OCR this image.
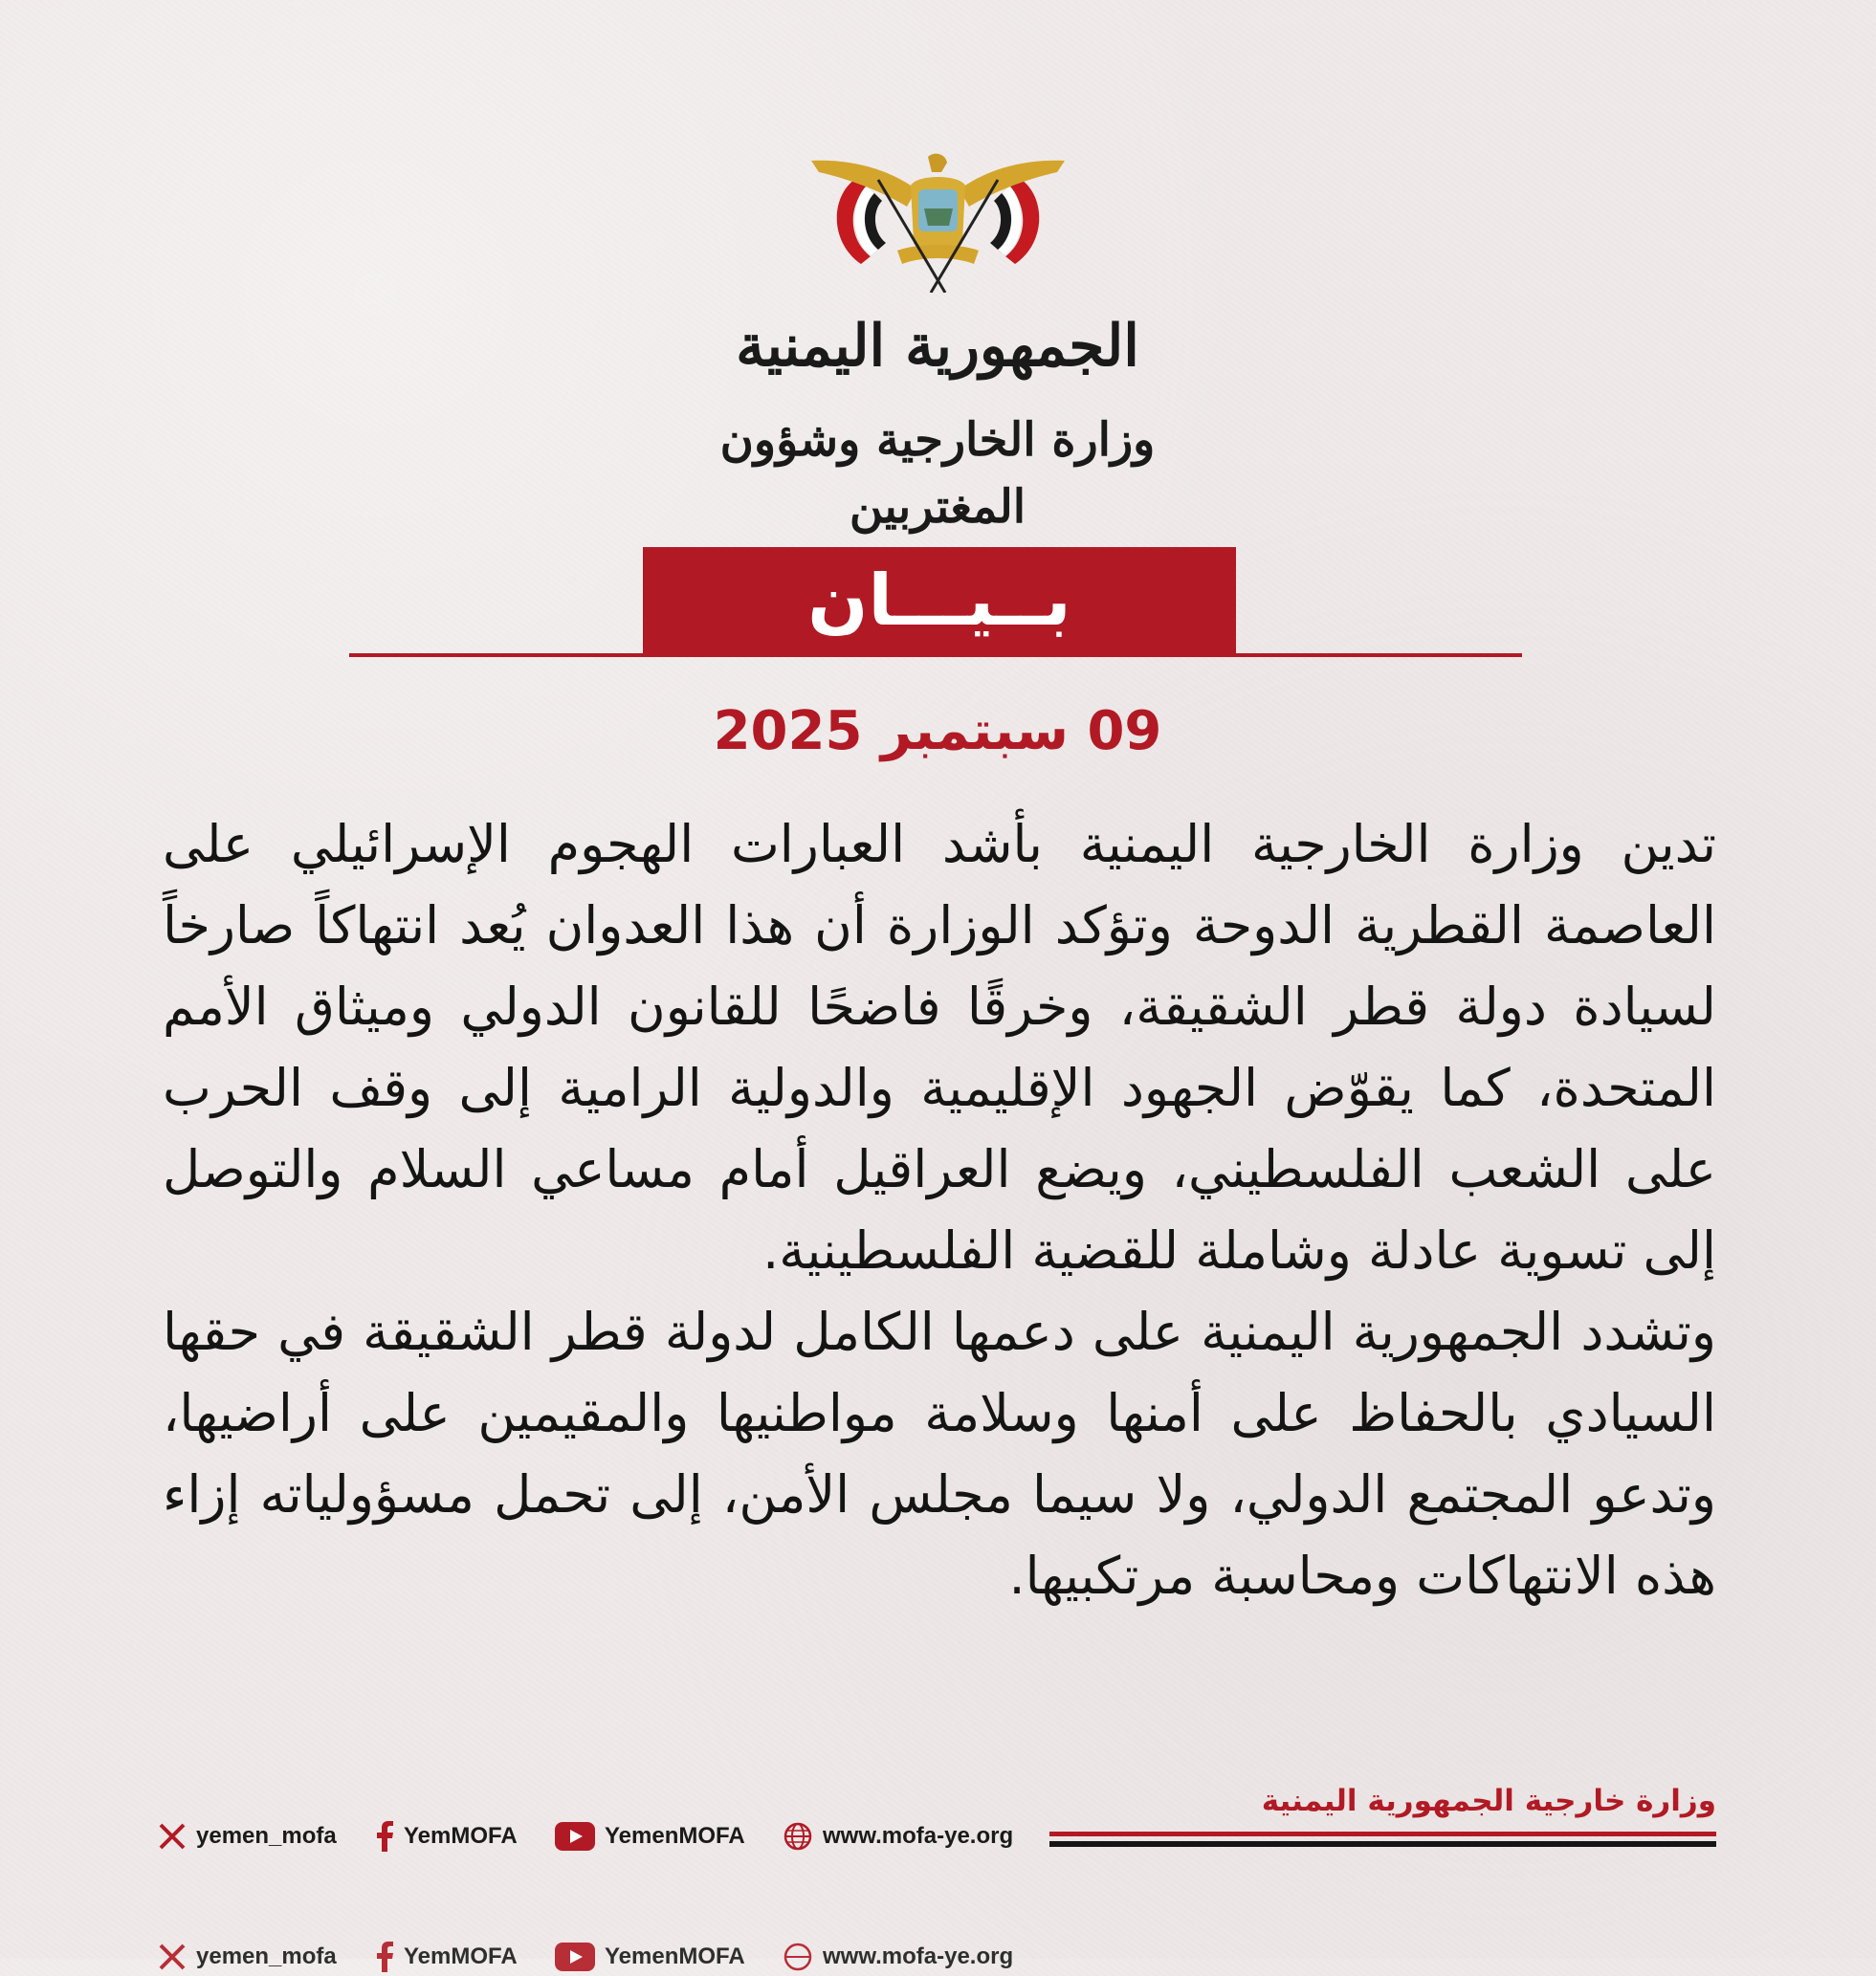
الجمهورية اليمنية
وزارة الخارجية وشؤون المغتربين
بــيـــان
09 سبتمبر 2025

تدين وزارة الخارجية اليمنية بأشد العبارات الهجوم الإسرائيلي على العاصمة القطرية الدوحة وتؤكد الوزارة أن هذا العدوان يُعد انتهاكاً صارخاً لسيادة دولة قطر الشقيقة، وخرقًا فاضحًا للقانون الدولي وميثاق الأمم المتحدة، كما يقوّض الجهود الإقليمية والدولية الرامية إلى وقف الحرب على الشعب الفلسطيني، ويضع العراقيل أمام مساعي السلام والتوصل إلى تسوية عادلة وشاملة للقضية الفلسطينية.

وتشدد الجمهورية اليمنية على دعمها الكامل لدولة قطر الشقيقة في حقها السيادي بالحفاظ على أمنها وسلامة مواطنيها والمقيمين على أراضيها، وتدعو المجتمع الدولي، ولا سيما مجلس الأمن، إلى تحمل مسؤولياته إزاء هذه الانتهاكات ومحاسبة مرتكبيها.

وزارة خارجية الجمهورية اليمنية
yemen_mofa	YemMOFA	YemenMOFA	www.mofa-ye.org
yemen_mofa	YemMOFA	YemenMOFA	www.mofa-ye.org
